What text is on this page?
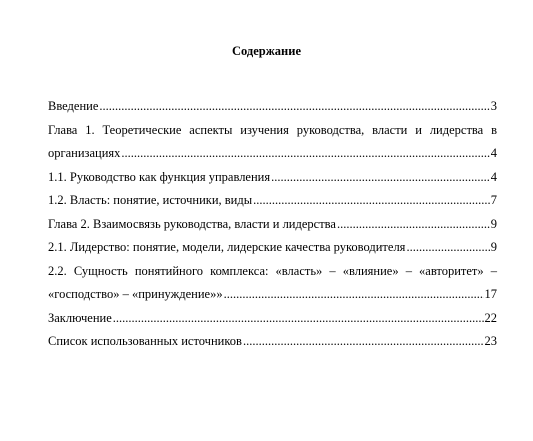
Содержание
Введение .....	3
Глава 1. Теоретические аспекты изучения руководства, власти и лидерства в
организациях .....	4
1.1. Руководство как функция управления .....	4
1.2. Власть: понятие, источники, виды .....	7
Глава 2. Взаимосвязь руководства, власти и лидерства .....	9
2.1. Лидерство: понятие, модели, лидерские качества руководителя .....	9
2.2. Сущность понятийного комплекса: «власть» – «влияние» – «авторитет» –
«господство» – «принуждение»» .....	17
Заключение .....	22
Список использованных источников .....	23
